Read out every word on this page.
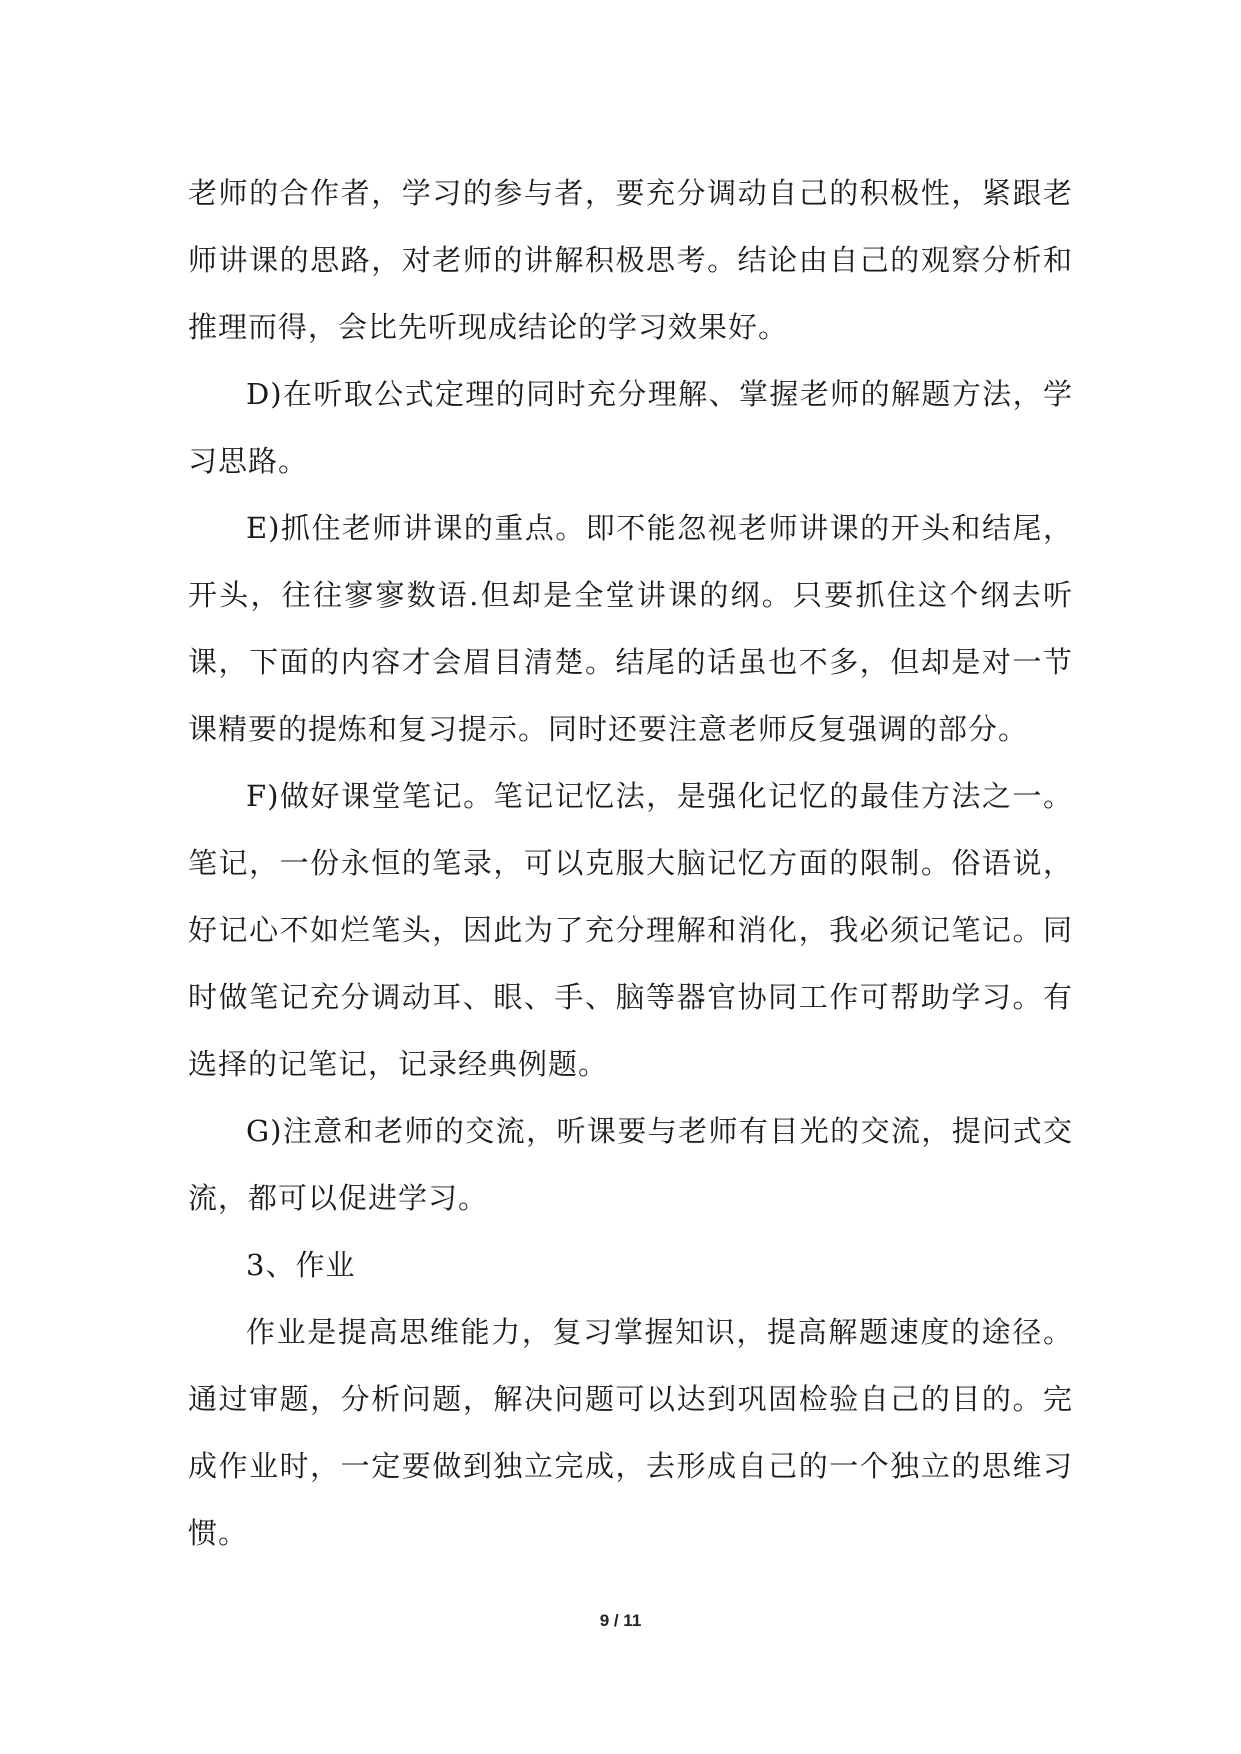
老师的合作者，学习的参与者，要充分调动自己的积极性，紧跟老师讲课的思路，对老师的讲解积极思考。结论由自己的观察分析和推理而得，会比先听现成结论的学习效果好。

D)在听取公式定理的同时充分理解、掌握老师的解题方法，学习思路。

E)抓住老师讲课的重点。即不能忽视老师讲课的开头和结尾，开头，往往寥寥数语.但却是全堂讲课的纲。只要抓住这个纲去听课，下面的内容才会眉目清楚。结尾的话虽也不多，但却是对一节课精要的提炼和复习提示。同时还要注意老师反复强调的部分。

F)做好课堂笔记。笔记记忆法，是强化记忆的最佳方法之一。笔记，一份永恒的笔录，可以克服大脑记忆方面的限制。俗语说，好记心不如烂笔头，因此为了充分理解和消化，我必须记笔记。同时做笔记充分调动耳、眼、手、脑等器官协同工作可帮助学习。有选择的记笔记，记录经典例题。

G)注意和老师的交流，听课要与老师有目光的交流，提问式交流，都可以促进学习。

3、作业

作业是提高思维能力，复习掌握知识，提高解题速度的途径。通过审题，分析问题，解决问题可以达到巩固检验自己的目的。完成作业时，一定要做到独立完成，去形成自己的一个独立的思维习惯。

9 / 11
